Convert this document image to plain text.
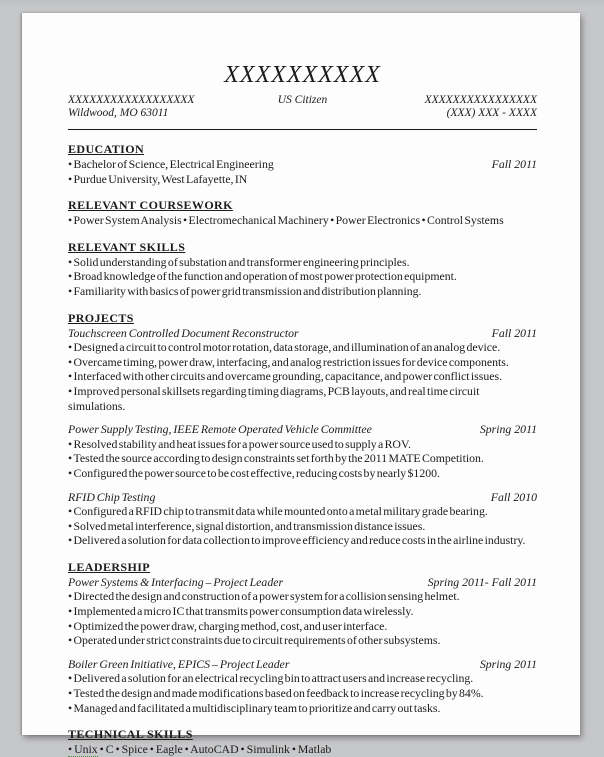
XXXXXXXXXX
XXXXXXXXXXXXXXXXXX
Wildwood, MO 63011
US Citizen	XXXXXXXXXXXXXXXX
(XXX) XXX - XXXX
EDUCATION
• Bachelor of Science, Electrical Engineering	Fall 2011
• Purdue University, West Lafayette, IN
RELEVANT COURSEWORK
• Power System Analysis • Electromechanical Machinery • Power Electronics • Control Systems
RELEVANT SKILLS
• Solid understanding of substation and transformer engineering principles.
• Broad knowledge of the function and operation of most power protection equipment.
• Familiarity with basics of power grid transmission and distribution planning.
PROJECTS
Touchscreen Controlled Document Reconstructor	Fall 2011
• Designed a circuit to control motor rotation, data storage, and illumination of an analog device.
• Overcame timing, power draw, interfacing, and analog restriction issues for device components.
• Interfaced with other circuits and overcame grounding, capacitance, and power conflict issues.
• Improved personal skillsets regarding timing diagrams, PCB layouts, and real time circuit simulations.
Power Supply Testing, IEEE Remote Operated Vehicle Committee	Spring 2011
• Resolved stability and heat issues for a power source used to supply a ROV.
• Tested the source according to design constraints set forth by the 2011 MATE Competition.
• Configured the power source to be cost effective, reducing costs by nearly $1200.
RFID Chip Testing	Fall 2010
• Configured a RFID chip to transmit data while mounted onto a metal military grade bearing.
• Solved metal interference, signal distortion, and transmission distance issues.
• Delivered a solution for data collection to improve efficiency and reduce costs in the airline industry.
LEADERSHIP
Power Systems & Interfacing – Project Leader	Spring 2011- Fall 2011
• Directed the design and construction of a power system for a collision sensing helmet.
• Implemented a micro IC that transmits power consumption data wirelessly.
• Optimized the power draw, charging method, cost, and user interface.
• Operated under strict constraints due to circuit requirements of other subsystems.
Boiler Green Initiative, EPICS – Project Leader	Spring 2011
• Delivered a solution for an electrical recycling bin to attract users and increase recycling.
• Tested the design and made modifications based on feedback to increase recycling by 84%.
• Managed and facilitated a multidisciplinary team to prioritize and carry out tasks.
TECHNICAL SKILLS
• Unix • C • Spice • Eagle • AutoCAD • Simulink • Matlab
